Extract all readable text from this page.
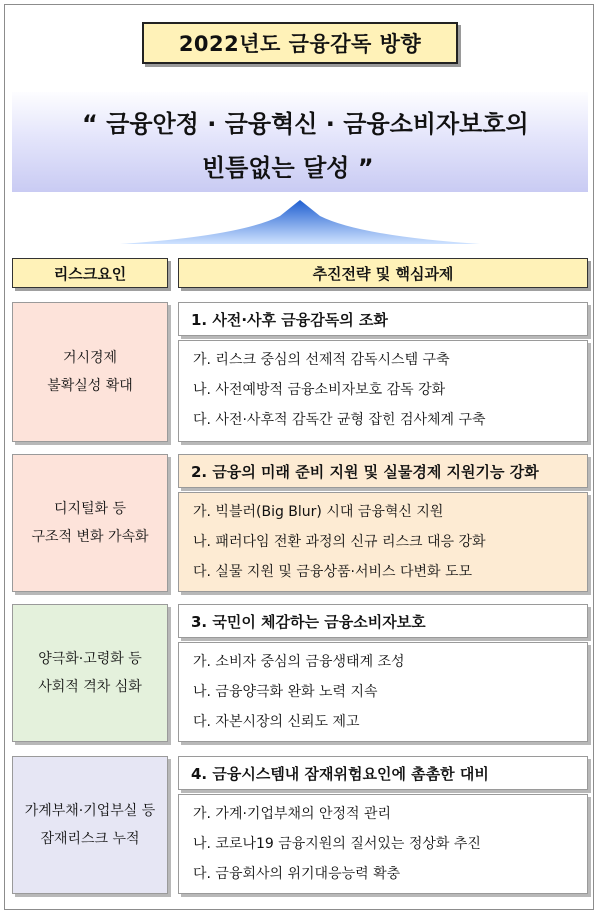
2022년도 금융감독 방향
“ 금융안정 · 금융혁신 · 금융소비자보호의
빈틈없는 달성 ”
리스크요인	추진전략 및 핵심과제
거시경제
불확실성 확대
1. 사전·사후 금융감독의 조화
가. 리스크 중심의 선제적 감독시스템 구축
나. 사전예방적 금융소비자보호 감독 강화
다. 사전·사후적 감독간 균형 잡힌 검사체계 구축
디지털화 등
구조적 변화 가속화
2. 금융의 미래 준비 지원 및 실물경제 지원기능 강화
가. 빅블러(Big Blur) 시대 금융혁신 지원
나. 패러다임 전환 과정의 신규 리스크 대응 강화
다. 실물 지원 및 금융상품·서비스 다변화 도모
양극화·고령화 등
사회적 격차 심화
3. 국민이 체감하는 금융소비자보호
가. 소비자 중심의 금융생태계 조성
나. 금융양극화 완화 노력 지속
다. 자본시장의 신뢰도 제고
가계부채·기업부실 등
잠재리스크 누적
4. 금융시스템내 잠재위험요인에 촘촘한 대비
가. 가계·기업부채의 안정적 관리
나. 코로나19 금융지원의 질서있는 정상화 추진
다. 금융회사의 위기대응능력 확충
